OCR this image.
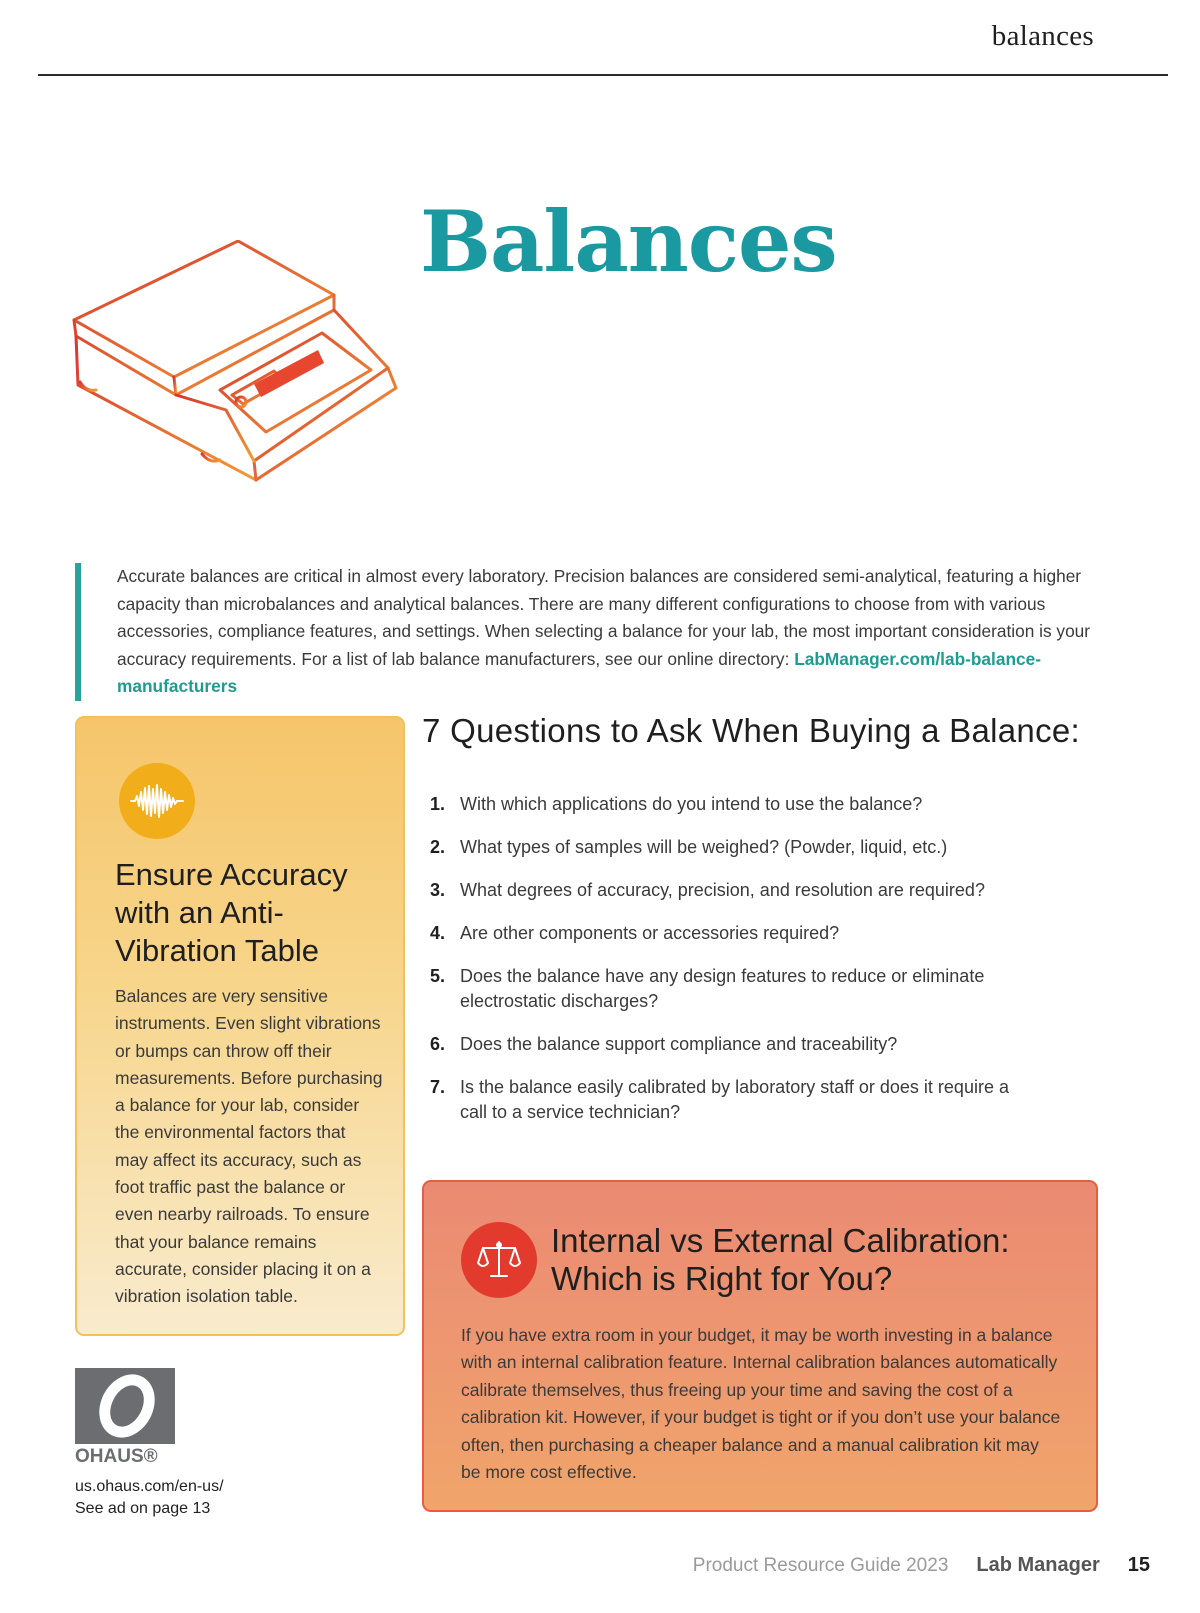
balances
Balances
Accurate balances are critical in almost every laboratory. Precision balances are considered semi-analytical, featuring a higher capacity than microbalances and analytical balances. There are many different configurations to choose from with various accessories, compliance features, and settings. When selecting a balance for your lab, the most important consideration is your accuracy requirements. For a list of lab balance manufacturers, see our online directory: LabManager.com/lab-balance-manufacturers
Ensure Accuracy with an Anti-Vibration Table

Balances are very sensitive instruments. Even slight vibrations or bumps can throw off their measurements. Before purchasing a balance for your lab, consider the environmental factors that may affect its accuracy, such as foot traffic past the balance or even nearby railroads. To ensure that your balance remains accurate, consider placing it on a vibration isolation table.

7 Questions to Ask When Buying a Balance:
1. With which applications do you intend to use the balance?
2. What types of samples will be weighed? (Powder, liquid, etc.)
3. What degrees of accuracy, precision, and resolution are required?
4. Are other components or accessories required?
5. Does the balance have any design features to reduce or eliminate electrostatic discharges?
6. Does the balance support compliance and traceability?
7. Is the balance easily calibrated by laboratory staff or does it require a call to a service technician?
Internal vs External Calibration: Which is Right for You?

If you have extra room in your budget, it may be worth investing in a balance with an internal calibration feature. Internal calibration balances automatically calibrate themselves, thus freeing up your time and saving the cost of a calibration kit. However, if your budget is tight or if you don’t use your balance often, then purchasing a cheaper balance and a manual calibration kit may be more cost effective.

OHAUS®
us.ohaus.com/en-us/
See ad on page 13
Product Resource Guide 2023 Lab Manager 15
